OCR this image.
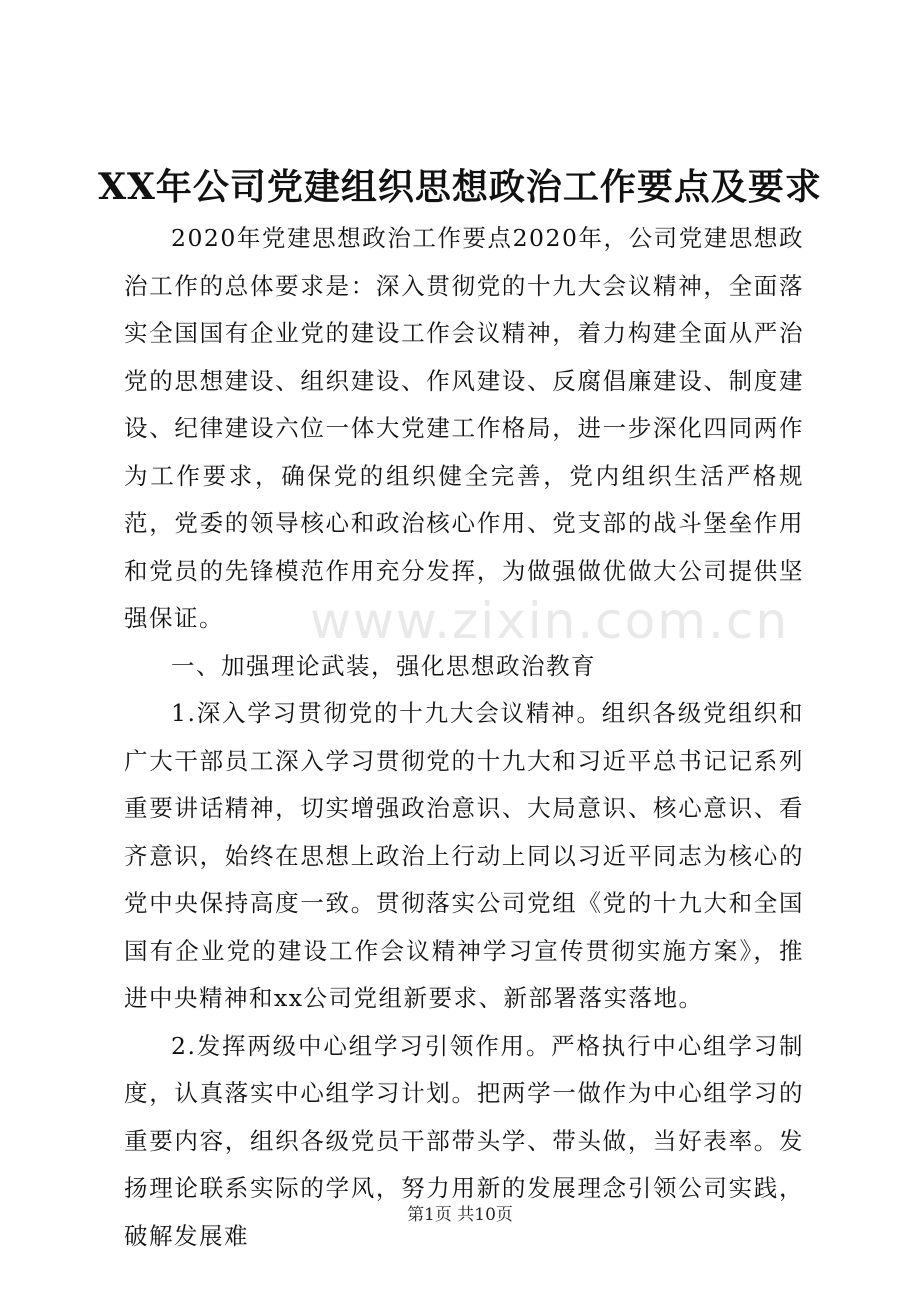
XX年公司党建组织思想政治工作要点及要求

2020年党建思想政治工作要点2020年，公司党建思想政治工作的总体要求是：深入贯彻党的十九大会议精神，全面落实全国国有企业党的建设工作会议精神，着力构建全面从严治党的思想建设、组织建设、作风建设、反腐倡廉建设、制度建设、纪律建设六位一体大党建工作格局，进一步深化四同两作为工作要求，确保党的组织健全完善，党内组织生活严格规范，党委的领导核心和政治核心作用、党支部的战斗堡垒作用和党员的先锋模范作用充分发挥，为做强做优做大公司提供坚强保证。

一、加强理论武装，强化思想政治教育

1.深入学习贯彻党的十九大会议精神。组织各级党组织和广大干部员工深入学习贯彻党的十九大和习近平总书记记系列重要讲话精神，切实增强政治意识、大局意识、核心意识、看齐意识，始终在思想上政治上行动上同以习近平同志为核心的党中央保持高度一致。贯彻落实公司党组《党的十九大和全国国有企业党的建设工作会议精神学习宣传贯彻实施方案》，推进中央精神和xx公司党组新要求、新部署落实落地。

2.发挥两级中心组学习引领作用。严格执行中心组学习制度，认真落实中心组学习计划。把两学一做作为中心组学习的重要内容，组织各级党员干部带头学、带头做，当好表率。发扬理论联系实际的学风，努力用新的发展理念引领公司实践，破解发展难

www.zixin.com.cn
第1页 共10页
